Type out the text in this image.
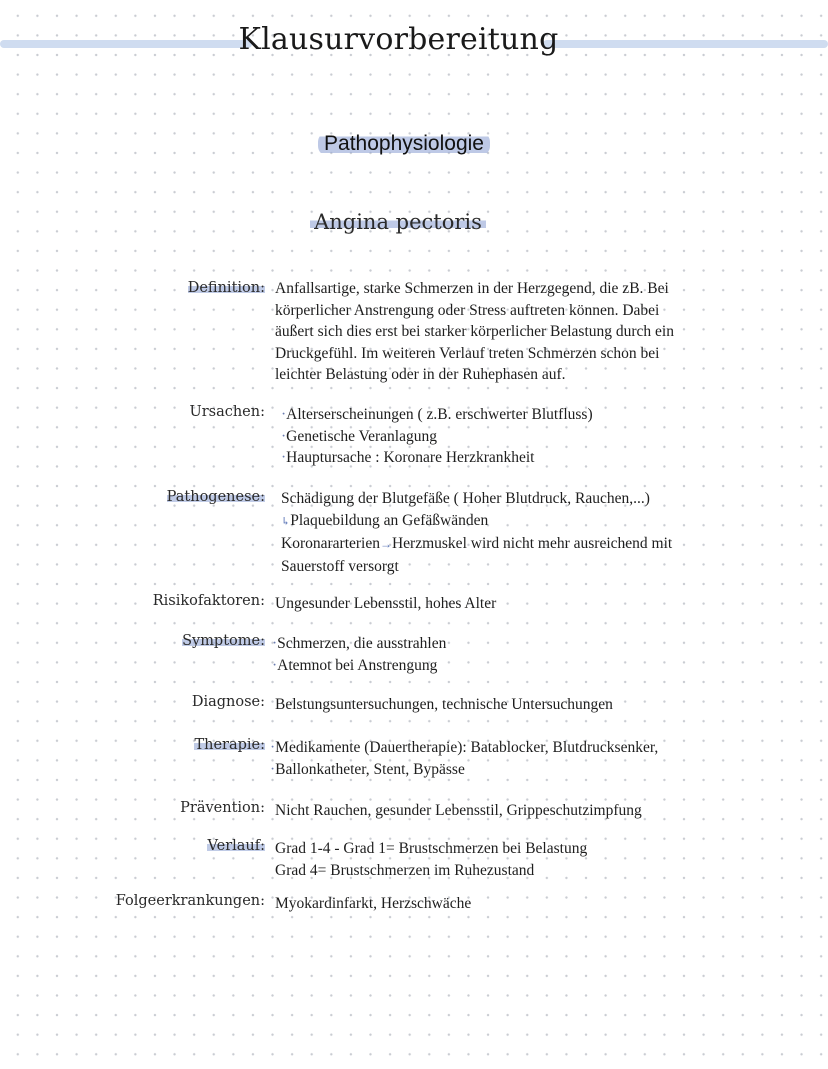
Klausurvorbereitung
Pathophysiologie
Angina pectoris
Definition: Anfallsartige, starke Schmerzen in der Herzgegend, die zB. Bei
körperlicher Anstrengung oder Stress auftreten können. Dabei
äußert sich dies erst bei starker körperlicher Belastung durch ein
Druckgefühl. Im weiteren Verlauf treten Schmerzen schon bei
leichter Belastung oder in der Ruhephasen auf.
Ursachen: ·Alterserscheinungen ( z.B. erschwerter Blutfluss)
·Genetische Veranlagung
·Hauptursache : Koronare Herzkrankheit
Pathogenese: Schädigung der Blutgefäße ( Hoher Blutdruck, Rauchen,...)
↳Plaquebildung an Gefäßwänden
Koronararterien→Herzmuskel wird nicht mehr ausreichend mit
Sauerstoff versorgt
Risikofaktoren: Ungesunder Lebensstil, hohes Alter
Symptome: ·Schmerzen, die ausstrahlen
·Atemnot bei Anstrengung
Diagnose: Belstungsuntersuchungen, technische Untersuchungen
Therapie: ·Medikamente (Dauertherapie): Batablocker, Blutdrucksenker,
·Ballonkatheter, Stent, Bypässe
Prävention: Nicht Rauchen, gesunder Lebensstil, Grippeschutzimpfung
Verlauf: Grad 1-4 - Grad 1= Brustschmerzen bei Belastung
Grad 4= Brustschmerzen im Ruhezustand
Folgeerkrankungen: Myokardinfarkt, Herzschwäche
